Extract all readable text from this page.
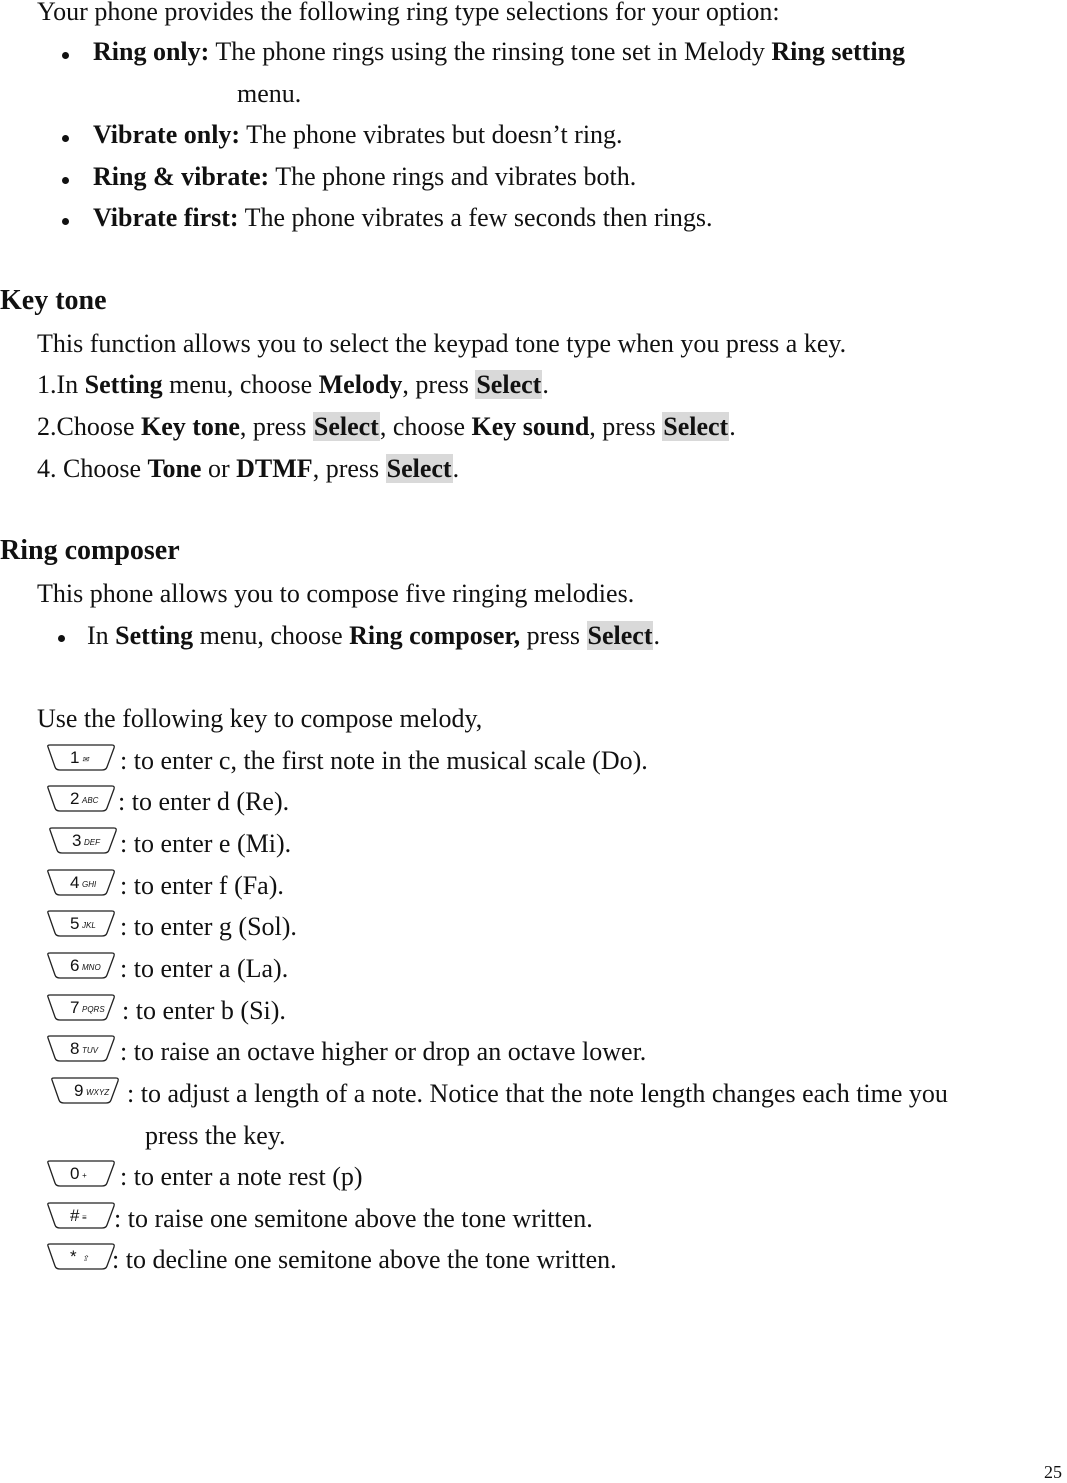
Your phone provides the following ring type selections for your option:
Ring only: The phone rings using the rinsing tone set in Melody Ring setting
menu.
Vibrate only: The phone vibrates but doesn’t ring.
Ring & vibrate: The phone rings and vibrates both.
Vibrate first: The phone vibrates a few seconds then rings.
Key tone
This function allows you to select the keypad tone type when you press a key.
1.In Setting menu, choose Melody, press Select.
2.Choose Key tone, press Select, choose Key sound, press Select.
4. Choose Tone or DTMF, press Select.
Ring composer
This phone allows you to compose five ringing melodies.
In Setting menu, choose Ring composer, press Select.
Use the following key to compose melody,
1 ✉ : to enter c, the first note in the musical scale (Do).
2 ABC : to enter d (Re).
3 DEF : to enter e (Mi).
4 GHI : to enter f (Fa).
5 JKL : to enter g (Sol).
6 MNO : to enter a (La).
7 PQRS : to enter b (Si).
8 TUV : to raise an octave higher or drop an octave lower.
9 WXYZ : to adjust a length of a note. Notice that the note length changes each time you
press the key.
0 + : to enter a note rest (p)
# ≡ : to raise one semitone above the tone written.
* ⇧ : to decline one semitone above the tone written.
25
